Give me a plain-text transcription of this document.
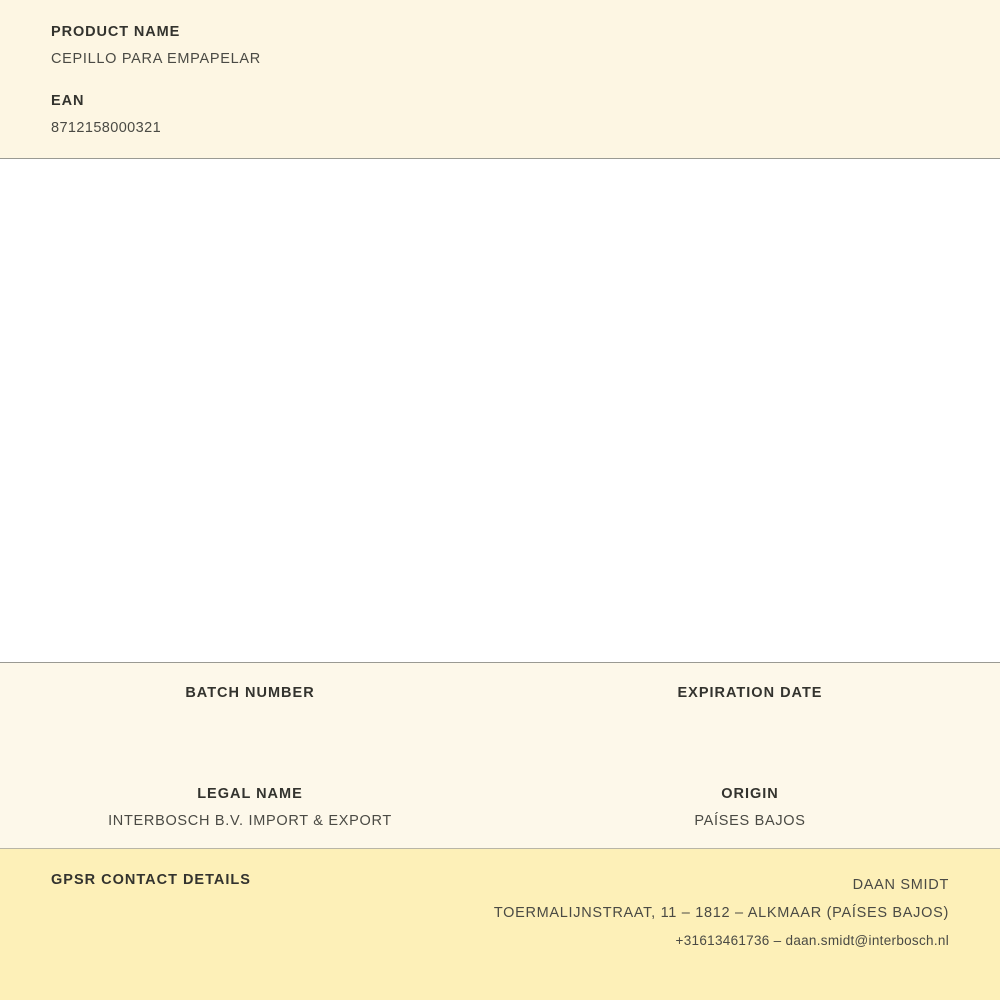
PRODUCT NAME
CEPILLO PARA EMPAPELAR
EAN
8712158000321
BATCH NUMBER	EXPIRATION DATE
LEGAL NAME
INTERBOSCH B.V. IMPORT & EXPORT
ORIGIN
PAÍSES BAJOS
GPSR CONTACT DETAILS	DAAN SMIDT
TOERMALIJNSTRAAT, 11 – 1812 – ALKMAAR (PAÍSES BAJOS)
+31613461736 – daan.smidt@interbosch.nl
